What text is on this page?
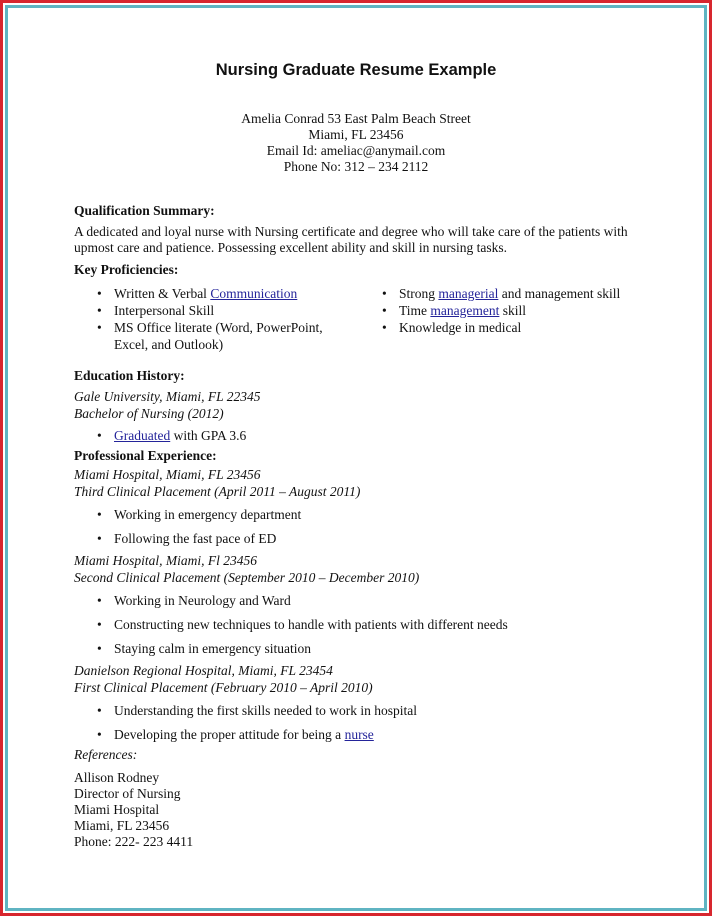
Nursing Graduate Resume Example
Amelia Conrad 53 East Palm Beach Street
Miami, FL 23456
Email Id: ameliac@anymail.com
Phone No: 312 – 234 2112
Qualification Summary:
A dedicated and loyal nurse with Nursing certificate and degree who will take care of the patients with upmost care and patience. Possessing excellent ability and skill in nursing tasks.
Key Proficiencies:
• Written & Verbal Communication
• Interpersonal Skill
• MS Office literate (Word, PowerPoint, Excel, and Outlook)
• Strong managerial and management skill
• Time management skill
• Knowledge in medical
Education History:
Gale University, Miami, FL 22345
Bachelor of Nursing (2012)
• Graduated with GPA 3.6
Professional Experience:
Miami Hospital, Miami, FL 23456
Third Clinical Placement (April 2011 – August 2011)
• Working in emergency department
• Following the fast pace of ED
Miami Hospital, Miami, Fl 23456
Second Clinical Placement (September 2010 – December 2010)
• Working in Neurology and Ward
• Constructing new techniques to handle with patients with different needs
• Staying calm in emergency situation
Danielson Regional Hospital, Miami, FL 23454
First Clinical Placement (February 2010 – April 2010)
• Understanding the first skills needed to work in hospital
• Developing the proper attitude for being a nurse
References:
Allison Rodney
Director of Nursing
Miami Hospital
Miami, FL 23456
Phone: 222- 223 4411
